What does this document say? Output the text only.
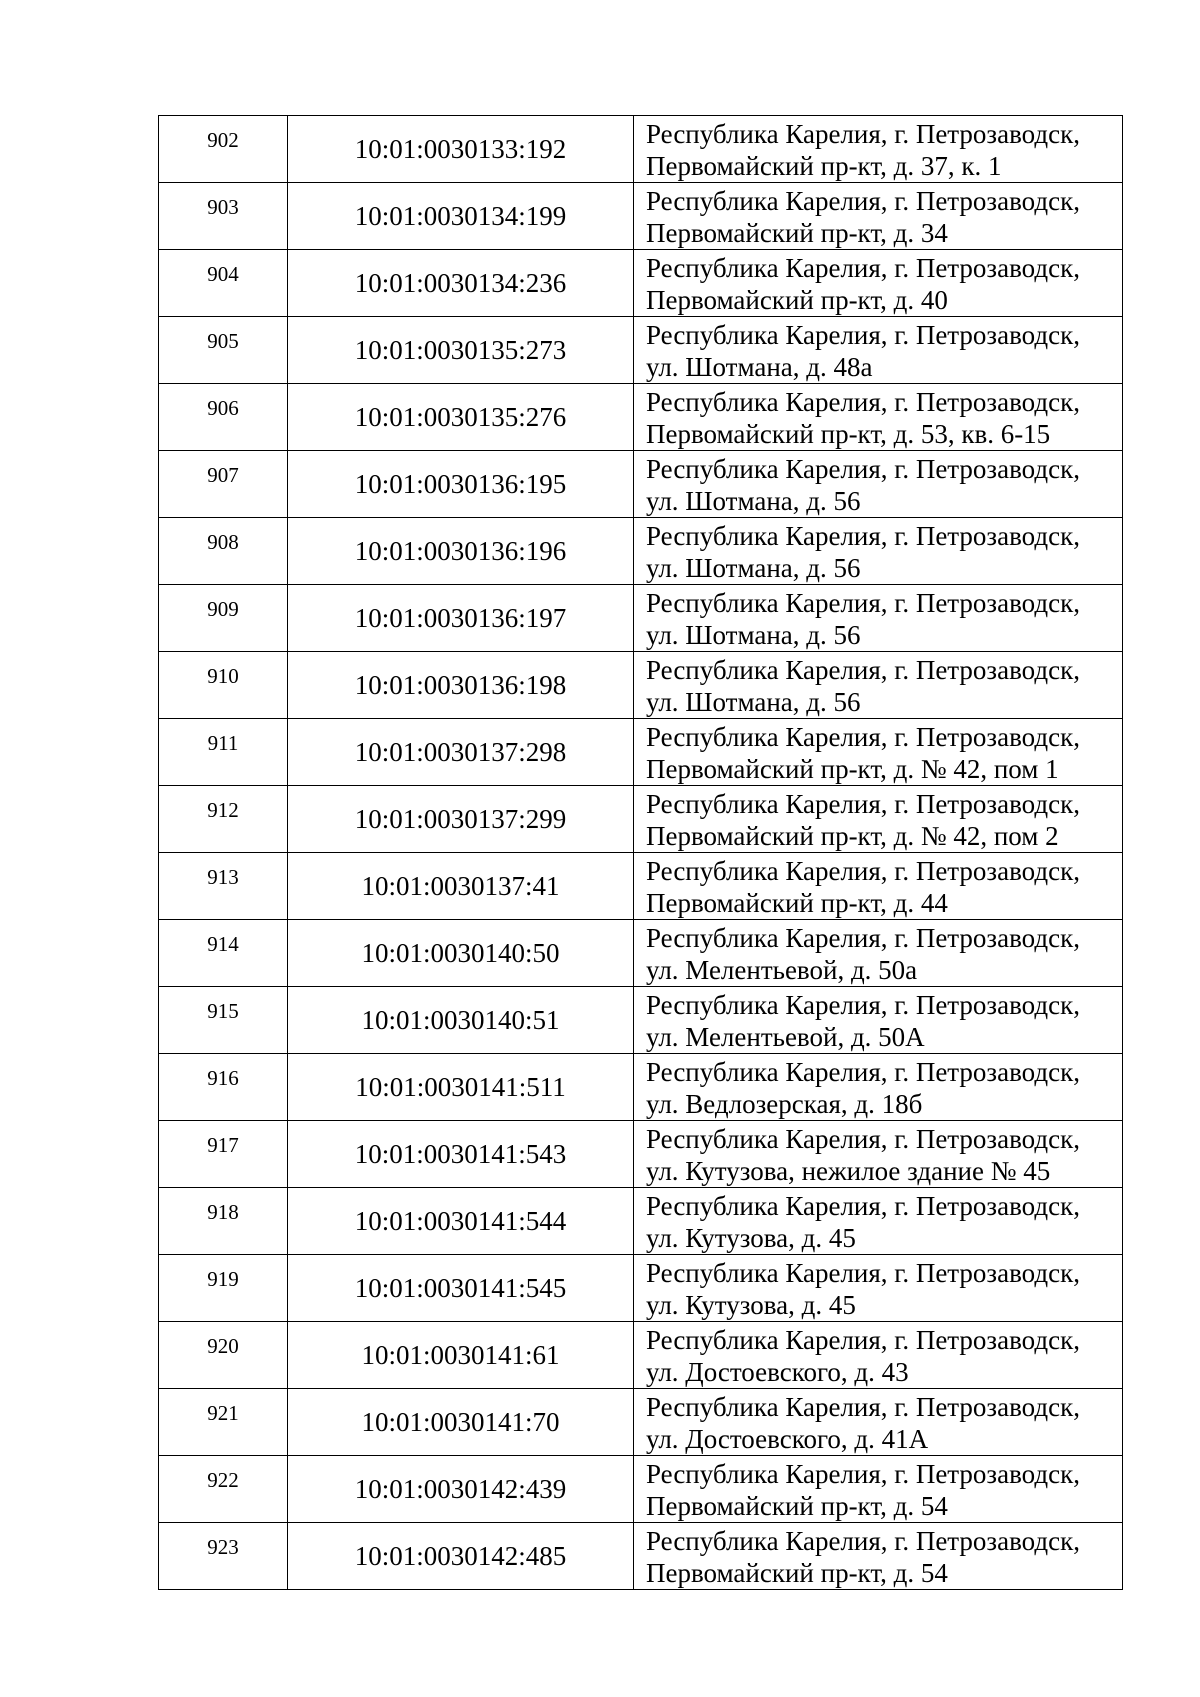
902	10:01:0030133:192	Республика Карелия, г. Петрозаводск,
Первомайский пр-кт, д. 37, к. 1

903	10:01:0030134:199	Республика Карелия, г. Петрозаводск,
Первомайский пр-кт, д. 34

904	10:01:0030134:236	Республика Карелия, г. Петрозаводск,
Первомайский пр-кт, д. 40

905	10:01:0030135:273	Республика Карелия, г. Петрозаводск,
ул. Шотмана, д. 48а

906	10:01:0030135:276	Республика Карелия, г. Петрозаводск,
Первомайский пр-кт, д. 53, кв. 6-15

907	10:01:0030136:195	Республика Карелия, г. Петрозаводск,
ул. Шотмана, д. 56

908	10:01:0030136:196	Республика Карелия, г. Петрозаводск,
ул. Шотмана, д. 56

909	10:01:0030136:197	Республика Карелия, г. Петрозаводск,
ул. Шотмана, д. 56

910	10:01:0030136:198	Республика Карелия, г. Петрозаводск,
ул. Шотмана, д. 56

911	10:01:0030137:298	Республика Карелия, г. Петрозаводск,
Первомайский пр-кт, д. № 42, пом 1

912	10:01:0030137:299	Республика Карелия, г. Петрозаводск,
Первомайский пр-кт, д. № 42, пом 2

913	10:01:0030137:41	Республика Карелия, г. Петрозаводск,
Первомайский пр-кт, д. 44

914	10:01:0030140:50	Республика Карелия, г. Петрозаводск,
ул. Мелентьевой, д. 50а

915	10:01:0030140:51	Республика Карелия, г. Петрозаводск,
ул. Мелентьевой, д. 50А

916	10:01:0030141:511	Республика Карелия, г. Петрозаводск,
ул. Ведлозерская, д. 18б

917	10:01:0030141:543	Республика Карелия, г. Петрозаводск,
ул. Кутузова, нежилое здание № 45

918	10:01:0030141:544	Республика Карелия, г. Петрозаводск,
ул. Кутузова, д. 45

919	10:01:0030141:545	Республика Карелия, г. Петрозаводск,
ул. Кутузова, д. 45

920	10:01:0030141:61	Республика Карелия, г. Петрозаводск,
ул. Достоевского, д. 43

921	10:01:0030141:70	Республика Карелия, г. Петрозаводск,
ул. Достоевского, д. 41А

922	10:01:0030142:439	Республика Карелия, г. Петрозаводск,
Первомайский пр-кт, д. 54

923	10:01:0030142:485	Республика Карелия, г. Петрозаводск,
Первомайский пр-кт, д. 54
